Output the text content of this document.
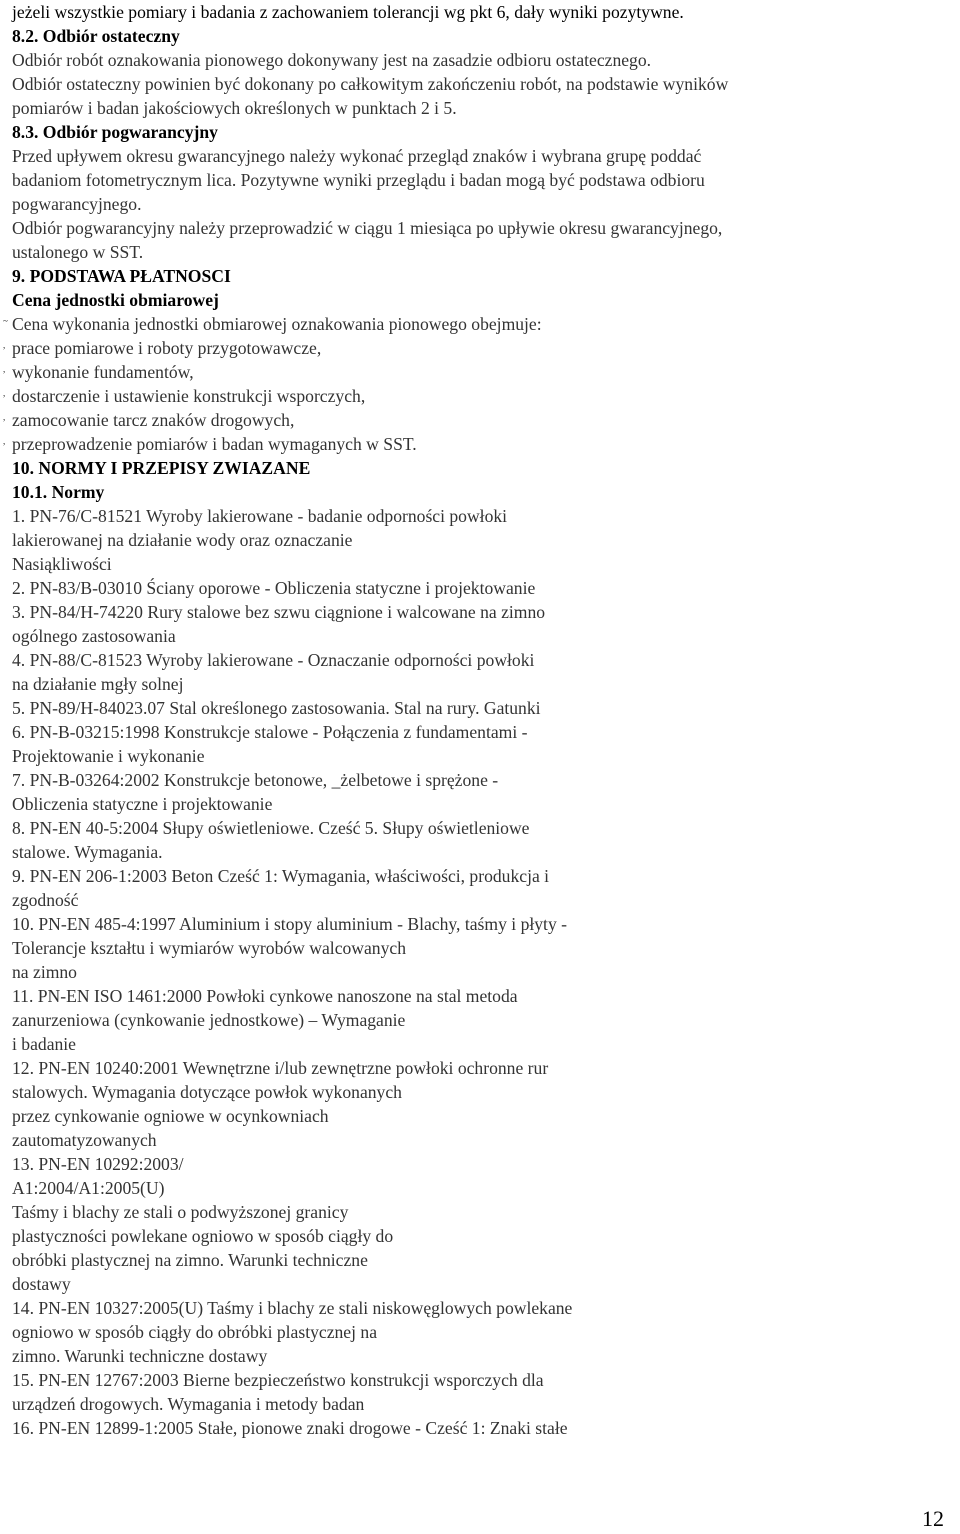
jeżeli wszystkie pomiary i badania z zachowaniem tolerancji wg pkt 6, dały wyniki pozytywne.
8.2. Odbiór ostateczny
Odbiór robót oznakowania pionowego dokonywany jest na zasadzie odbioru ostatecznego.
Odbiór ostateczny powinien być dokonany po całkowitym zakończeniu robót, na podstawie wyników
pomiarów i badan jakościowych określonych w punktach 2 i 5.
8.3. Odbiór pogwarancyjny
Przed upływem okresu gwarancyjnego należy wykonać przegląd znaków i wybrana grupę poddać
badaniom fotometrycznym lica. Pozytywne wyniki przeglądu i badan mogą być podstawa odbioru
pogwarancyjnego.
Odbiór pogwarancyjny należy przeprowadzić w ciągu 1 miesiąca po upływie okresu gwarancyjnego,
ustalonego w SST.
9. PODSTAWA PŁATNOSCI
Cena jednostki obmiarowej
~ Cena wykonania jednostki obmiarowej oznakowania pionowego obejmuje:
, prace pomiarowe i roboty przygotowawcze,
, wykonanie fundamentów,
, dostarczenie i ustawienie konstrukcji wsporczych,
, zamocowanie tarcz znaków drogowych,
, przeprowadzenie pomiarów i badan wymaganych w SST.
10. NORMY I PRZEPISY ZWIAZANE
10.1. Normy
1. PN-76/C-81521 Wyroby lakierowane - badanie odporności powłoki
lakierowanej na działanie wody oraz oznaczanie
Nasiąkliwości
2. PN-83/B-03010 Ściany oporowe - Obliczenia statyczne i projektowanie
3. PN-84/H-74220 Rury stalowe bez szwu ciągnione i walcowane na zimno
ogólnego zastosowania
4. PN-88/C-81523 Wyroby lakierowane - Oznaczanie odporności powłoki
na działanie mgły solnej
5. PN-89/H-84023.07 Stal określonego zastosowania. Stal na rury. Gatunki
6. PN-B-03215:1998 Konstrukcje stalowe - Połączenia z fundamentami -
Projektowanie i wykonanie
7. PN-B-03264:2002 Konstrukcje betonowe, _żelbetowe i sprężone -
Obliczenia statyczne i projektowanie
8. PN-EN 40-5:2004 Słupy oświetleniowe. Cześć 5. Słupy oświetleniowe
stalowe. Wymagania.
9. PN-EN 206-1:2003 Beton Cześć 1: Wymagania, właściwości, produkcja i
zgodność
10. PN-EN 485-4:1997 Aluminium i stopy aluminium - Blachy, taśmy i płyty -
Tolerancje kształtu i wymiarów wyrobów walcowanych
na zimno
11. PN-EN ISO 1461:2000 Powłoki cynkowe nanoszone na stal metoda
zanurzeniowa (cynkowanie jednostkowe) – Wymaganie
i badanie
12. PN-EN 10240:2001 Wewnętrzne i/lub zewnętrzne powłoki ochronne rur
stalowych. Wymagania dotyczące powłok wykonanych
przez cynkowanie ogniowe w ocynkowniach
zautomatyzowanych
13. PN-EN 10292:2003/
A1:2004/A1:2005(U)
Taśmy i blachy ze stali o podwyższonej granicy
plastyczności powlekane ogniowo w sposób ciągły do
obróbki plastycznej na zimno. Warunki techniczne
dostawy
14. PN-EN 10327:2005(U) Taśmy i blachy ze stali niskowęglowych powlekane
ogniowo w sposób ciągły do obróbki plastycznej na
zimno. Warunki techniczne dostawy
15. PN-EN 12767:2003 Bierne bezpieczeństwo konstrukcji wsporczych dla
urządzeń drogowych. Wymagania i metody badan
16. PN-EN 12899-1:2005 Stałe, pionowe znaki drogowe - Cześć 1: Znaki stałe
12
